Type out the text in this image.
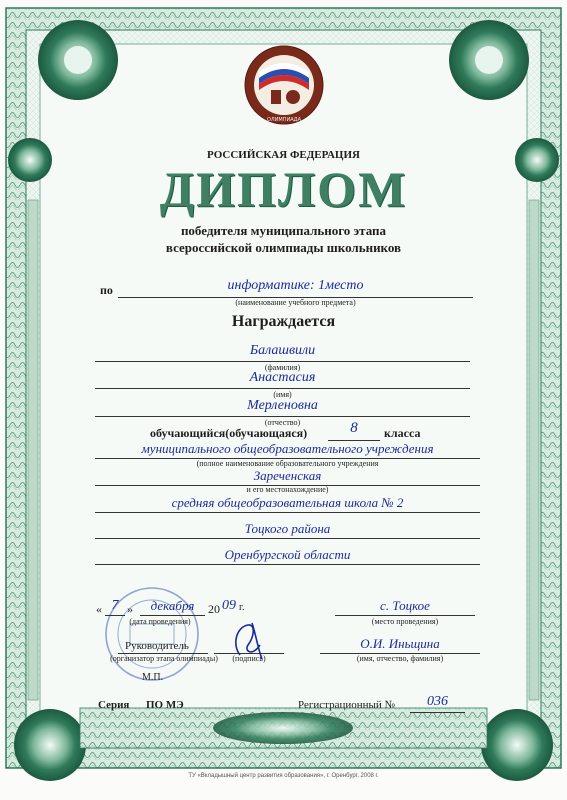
ОЛИМПИАДА
РОССИЙСКАЯ ФЕДЕРАЦИЯ
ДИПЛОМ
победителя муниципального этапа
всероссийской олимпиады школьников
по	информатике: 1место
(наименование учебного предмета)
Награждается
Балашвили
(фамилия)
Анастасия
(имя)
Мерленовна
(отчество)
обучающийся(обучающаяся)	8	класса
муниципального общеобразовательного учреждения
(полное наименование образовательного учреждения
Зареченская
и его местонахождение)
средняя общеобразовательная школа № 2
Тоцкого района
Оренбургской области
« 7 »	декабря	20 09 г.
(дата проведения)
с. Тоцкое
(место проведения)
Руководитель
(организатор этапа олимпиады)	(подпись)
О.И. Иньщина
(имя, отчество, фамилия)
М.П.
Серия ПО МЭ	Регистрационный №	036
ТУ «Вкладышный центр развития образования», г. Оренбург, 2008 г.
